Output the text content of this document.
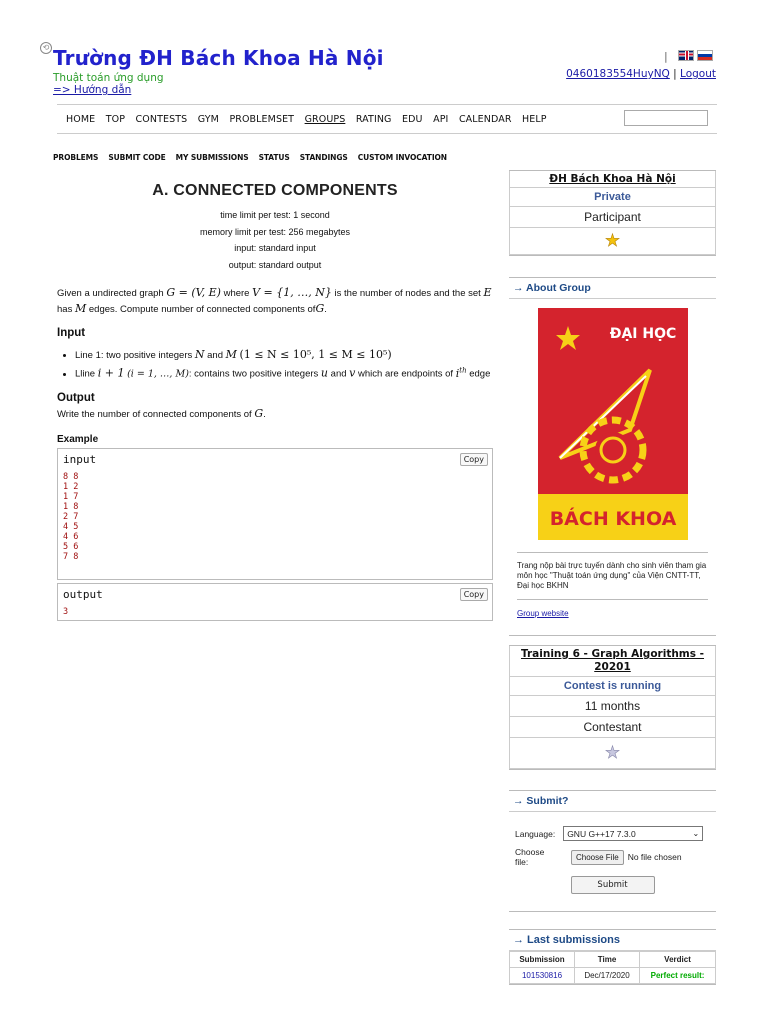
⟲ Trường ĐH Bách Khoa Hà Nội
Thuật toán ứng dụng
=> Hướng dẫn
|
0460183554HuyNQ | Logout
HOME TOP CONTESTS GYM PROBLEMSET GROUPS RATING EDU API CALENDAR HELP
PROBLEMS SUBMIT CODE MY SUBMISSIONS STATUS STANDINGS CUSTOM INVOCATION
A. CONNECTED COMPONENTS
time limit per test: 1 second
memory limit per test: 256 megabytes
input: standard input
output: standard output
Given a undirected graph G = (V, E) where V = {1, …, N} is the number of nodes and the set E has M edges. Compute number of connected components ofG.
Input
• Line 1: two positive integers N and M (1 ≤ N ≤ 10⁵, 1 ≤ M ≤ 10⁵)
• Lline i + 1 (i = 1, …, M): contains two positive integers u and v which are endpoints of $i^{th}$ edge
Output
Write the number of connected components of G.
Example
input	Copy
8 8
1 2
1 7
1 8
2 7
4 5
4 6
5 6
7 8
output	Copy
3
ĐH Bách Khoa Hà Nội
Private
Participant
★
→ About Group
BÁCH KHOA
ĐẠI HỌC
Trang nộp bài trực tuyến dành cho sinh viên tham gia môn học "Thuật toán ứng dụng" của Viện CNTT-TT, Đại học BKHN
Group website
Training 6 - Graph Algorithms - 20201
Contest is running
11 months
Contestant
★
→ Submit?
Language: GNU G++17 7.3.0	⌄
Choose file:	Choose File	No file chosen
Submit
→ Last submissions
Submission	Time	Verdict
101530816	Dec/17/2020	Perfect result:
